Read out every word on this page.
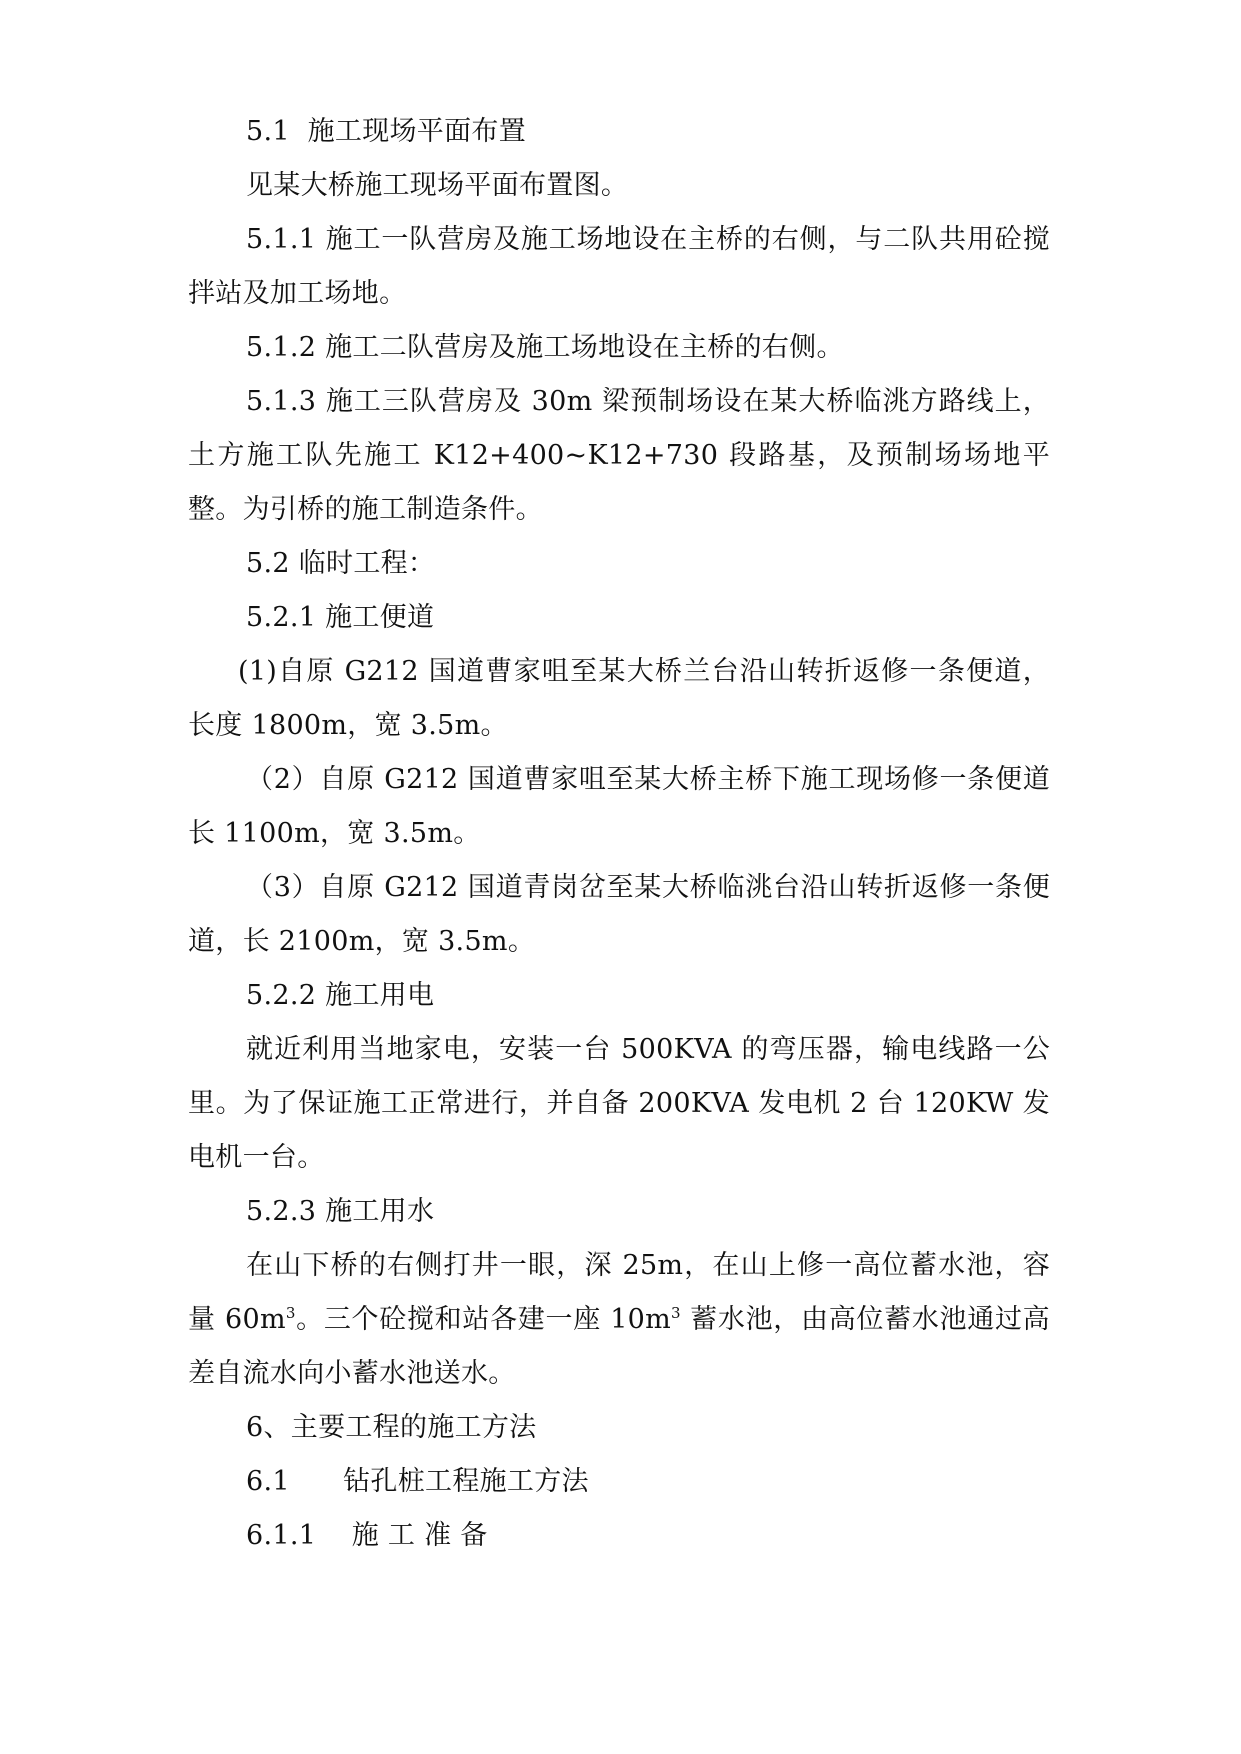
5.1  施工现场平面布置

见某大桥施工现场平面布置图。

5.1.1 施工一队营房及施工场地设在主桥的右侧，与二队共用砼搅拌站及加工场地。

5.1.2 施工二队营房及施工场地设在主桥的右侧。

5.1.3 施工三队营房及 30m 梁预制场设在某大桥临洮方路线上，土方施工队先施工 K12+400~K12+730 段路基，及预制场场地平整。为引桥的施工制造条件。

5.2 临时工程：

5.2.1 施工便道

(1)自原 G212 国道曹家咀至某大桥兰台沿山转折返修一条便道，长度 1800m，宽 3.5m。

（2）自原 G212 国道曹家咀至某大桥主桥下施工现场修一条便道长 1100m，宽 3.5m。

（3）自原 G212 国道青岗岔至某大桥临洮台沿山转折返修一条便道，长 2100m，宽 3.5m。

5.2.2 施工用电

就近利用当地家电，安装一台 500KVA 的弯压器，输电线路一公里。为了保证施工正常进行，并自备 200KVA 发电机 2 台 120KW 发电机一台。

5.2.3 施工用水

在山下桥的右侧打井一眼，深 25m，在山上修一高位蓄水池，容量 $60m^3$。三个砼搅和站各建一座 $10m^3$ 蓄水池，由高位蓄水池通过高差自流水向小蓄水池送水。

6、主要工程的施工方法

6.1      钻孔桩工程施工方法

6.1.1    施 工 准 备
